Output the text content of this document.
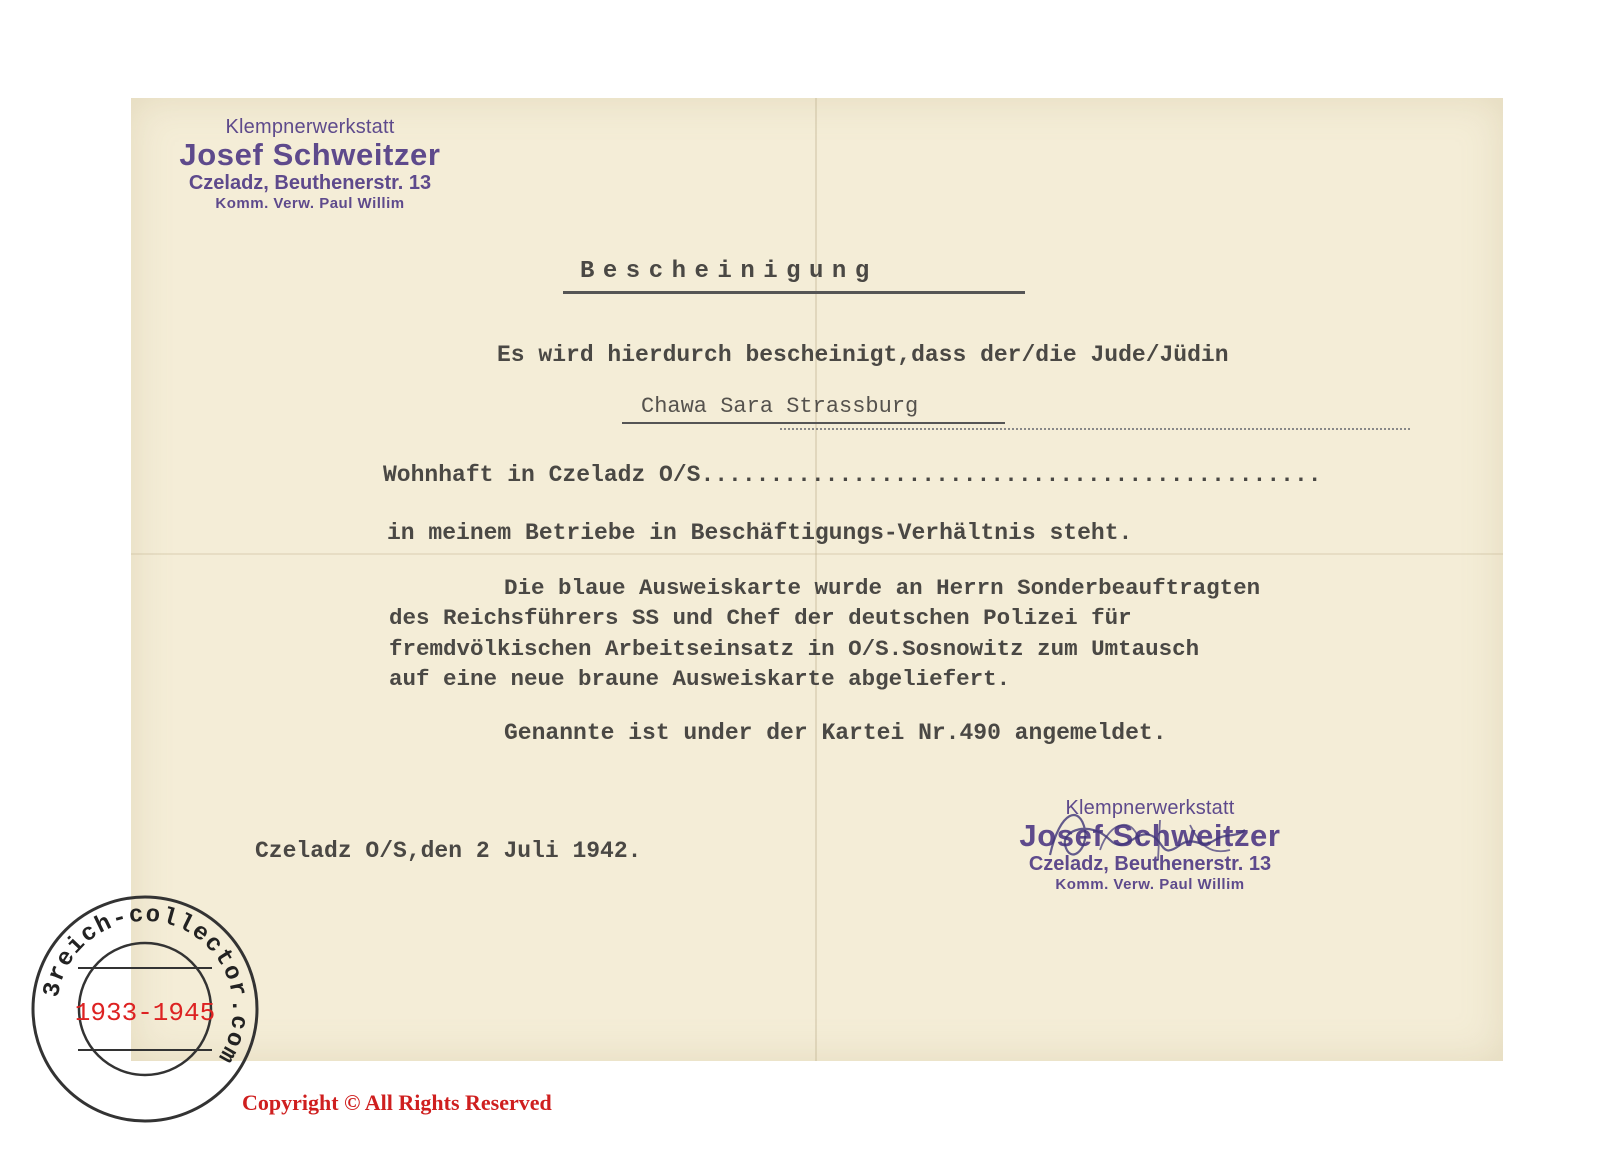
Klempnerwerkstatt
Josef Schweitzer
Czeladz, Beuthenerstr. 13
Komm. Verw. Paul Willim
Bescheinigung
Es wird hierdurch bescheinigt,dass der/die Jude/Jüdin
Chawa Sara Strassburg
Wohnhaft in Czeladz O/S.............................................
in meinem Betriebe in Beschäftigungs-Verhältnis steht.
Die blaue Ausweiskarte wurde an Herrn Sonderbeauftragten
des Reichsführers SS und Chef der deutschen Polizei für
fremdvölkischen Arbeitseinsatz in O/S.Sosnowitz zum Umtausch
auf eine neue braune Ausweiskarte abgeliefert.
Genannte ist under der Kartei Nr.490 angemeldet.
Czeladz O/S,den 2 Juli 1942.
Klempnerwerkstatt
Josef Schweitzer
Czeladz, Beuthenerstr. 13
Komm. Verw. Paul Willim
3reich-collector.com
1933-1945
Copyright © All Rights Reserved
